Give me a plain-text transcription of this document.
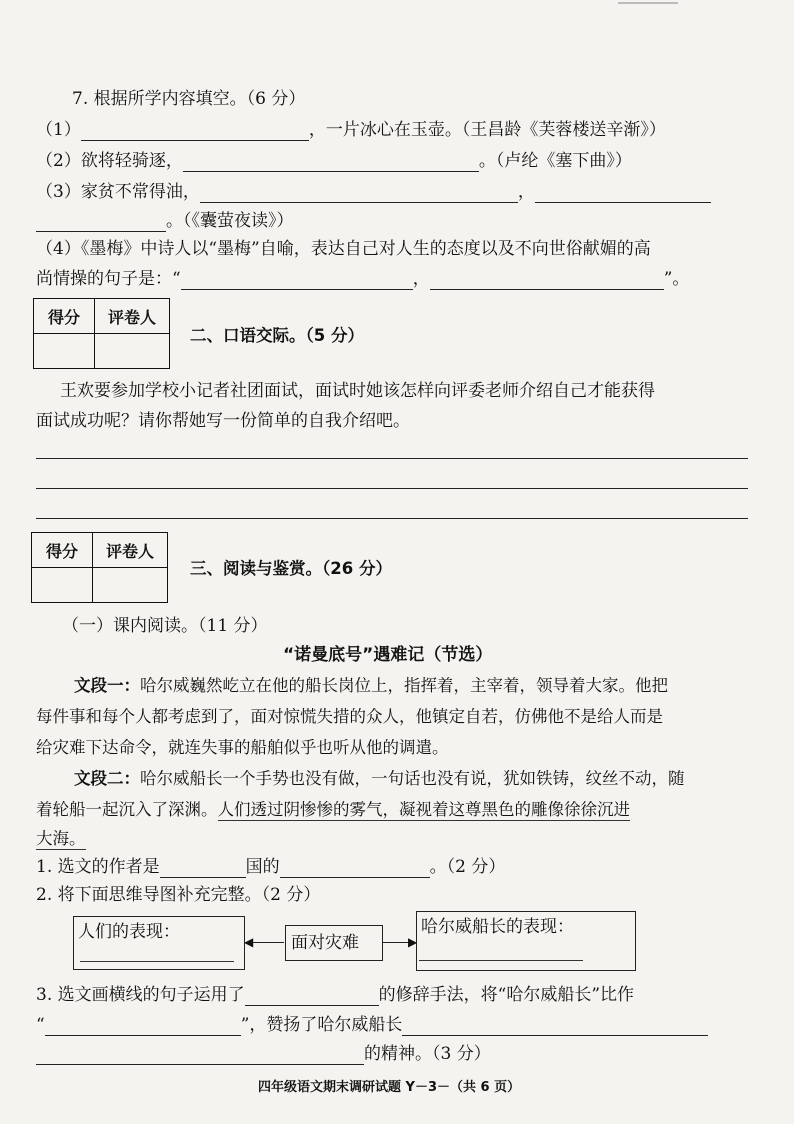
7. 根据所学内容填空。（6 分）
（1）	，一片冰心在玉壶。（王昌龄《芙蓉楼送辛渐》）
（2）欲将轻骑逐，	。（卢纶《塞下曲》）
（3）家贫不常得油，	，
。（《囊萤夜读》）
（4）《墨梅》中诗人以“墨梅”自喻，表达自己对人生的态度以及不向世俗献媚的高
尚情操的句子是：“	，	”。
得分	评卷人

二、口语交际。（5 分）
王欢要参加学校小记者社团面试，面试时她该怎样向评委老师介绍自己才能获得
面试成功呢？请你帮她写一份简单的自我介绍吧。
得分	评卷人

三、阅读与鉴赏。（26 分）
（一）课内阅读。（11 分）
“诺曼底号”遇难记（节选）
文段一：哈尔威巍然屹立在他的船长岗位上，指挥着，主宰着，领导着大家。他把
每件事和每个人都考虑到了，面对惊慌失措的众人，他镇定自若，仿佛他不是给人而是
给灾难下达命令，就连失事的船舶似乎也听从他的调遣。
文段二：哈尔威船长一个手势也没有做，一句话也没有说，犹如铁铸，纹丝不动，随
着轮船一起沉入了深渊。人们透过阴惨惨的雾气，凝视着这尊黑色的雕像徐徐沉进
大海。
1. 选文的作者是	国的	。（2 分）
2. 将下面思维导图补充完整。（2 分）
人们的表现：	◀ 面对灾难	▶
哈尔威船长的表现：
3. 选文画横线的句子运用了	的修辞手法，将“哈尔威船长”比作
“	”，赞扬了哈尔威船长
的精神。（3 分）
四年级语文期末调研试题 Y－3－（共 6 页）
